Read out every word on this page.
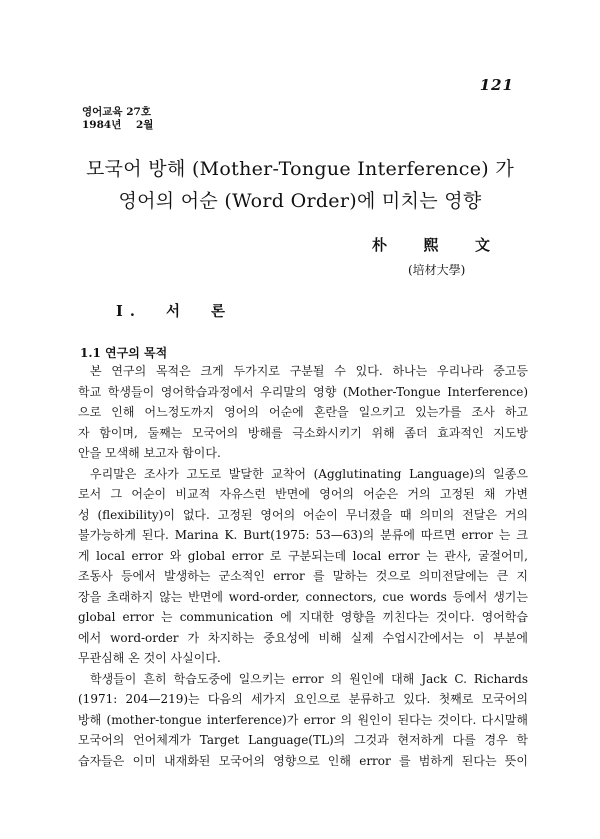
121
영어교육 27호
1984년    2월
모국어 방해 (Mother-Tongue Interference) 가
영어의 어순 (Word Order)에 미치는 영향
朴 熙 文
(培材大學)
I . 서 론
1.1 연구의 목적
본 연구의 목적은 크게 두가지로 구분될 수 있다. 하나는 우리나라 중고등
학교 학생들이 영어학습과정에서 우리말의 영향 (Mother-Tongue Interference)
으로 인해 어느정도까지 영어의 어순에 혼란을 일으키고 있는가를 조사 하고
자 함이며, 둘째는 모국어의 방해를 극소화시키기 위해 좀더 효과적인 지도방
안을 모색해 보고자 함이다.
우리말은 조사가 고도로 발달한 교착어 (Agglutinating Language)의 일종으
로서 그 어순이 비교적 자유스런 반면에 영어의 어순은 거의 고정된 채 가변
성 (flexibility)이 없다. 고정된 영어의 어순이 무너졌을 때 의미의 전달은 거의
불가능하게 된다. Marina K. Burt(1975: 53—63)의 분류에 따르면 error 는 크
게 local error 와 global error 로 구분되는데 local error 는 관사, 굴절어미,
조동사 등에서 발생하는 군소적인 error 를 말하는 것으로 의미전달에는 큰 지
장을 초래하지 않는 반면에 word-order, connectors, cue words 등에서 생기는
global error 는 communication 에 지대한 영향을 끼친다는 것이다. 영어학습
에서 word-order 가 차지하는 중요성에 비해 실제 수업시간에서는 이 부분에
무관심해 온 것이 사실이다.
학생들이 흔히 학습도중에 일으키는 error 의 원인에 대해 Jack C. Richards
(1971: 204—219)는 다음의 세가지 요인으로 분류하고 있다. 첫째로 모국어의
방해 (mother-tongue interference)가 error 의 원인이 된다는 것이다. 다시말해
모국어의 언어체계가 Target Language(TL)의 그것과 현저하게 다를 경우 학
습자들은 이미 내재화된 모국어의 영향으로 인해 error 를 범하게 된다는 뜻이
